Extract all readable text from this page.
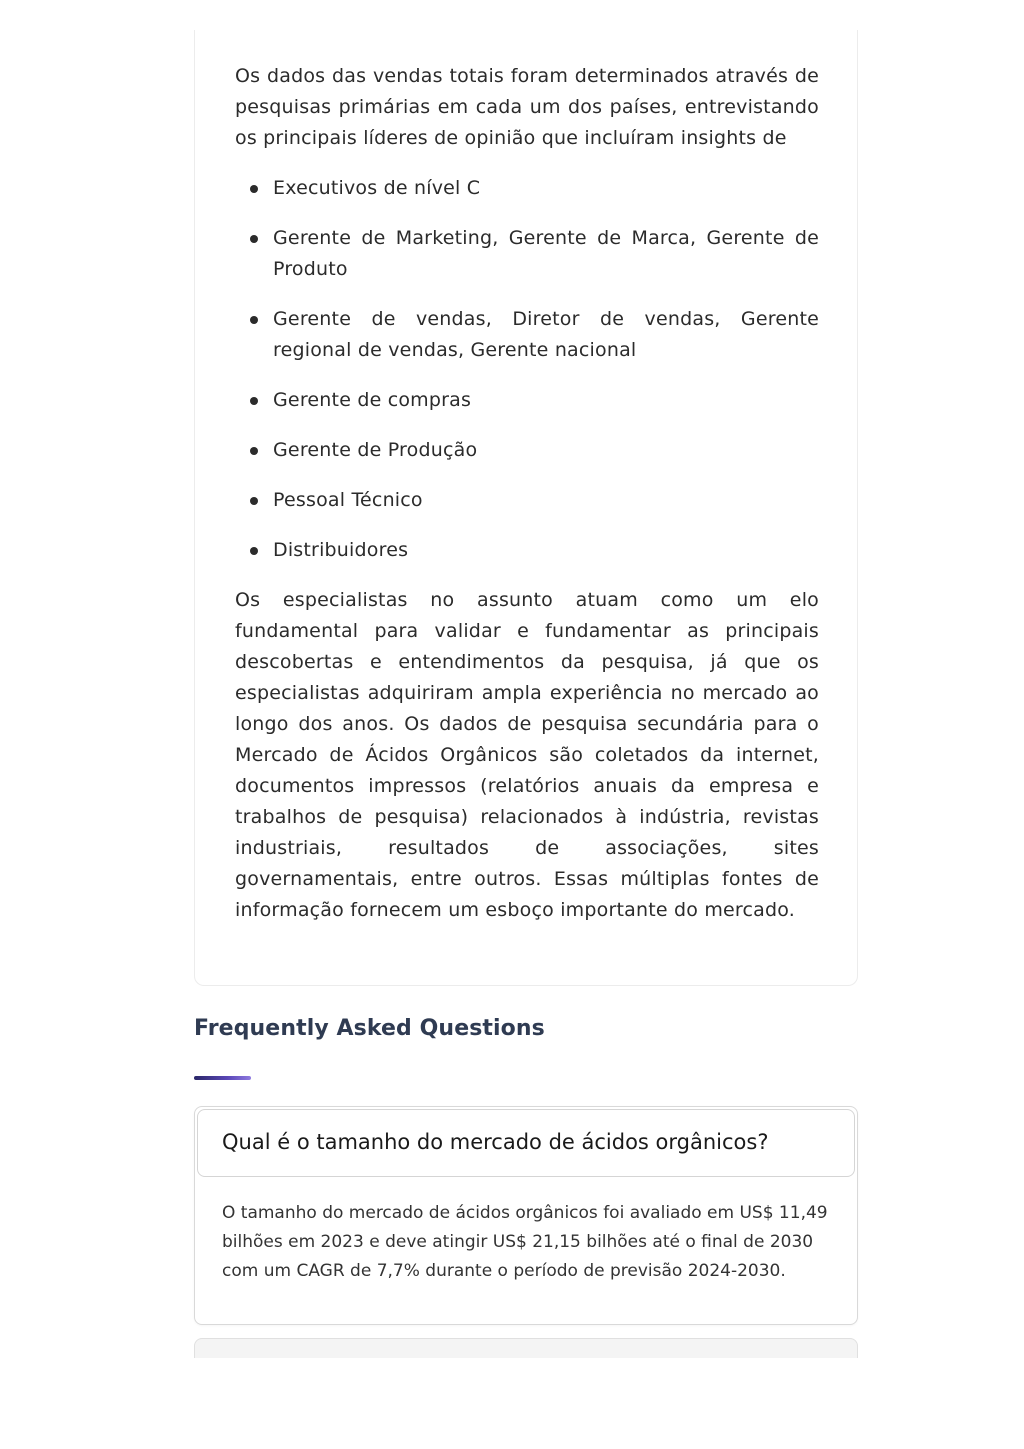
Os dados das vendas totais foram determinados através de pesquisas primárias em cada um dos países, entrevistando os principais líderes de opinião que incluíram insights de

Executivos de nível C
Gerente de Marketing, Gerente de Marca, Gerente de Produto
Gerente de vendas, Diretor de vendas, Gerente regional de vendas, Gerente nacional
Gerente de compras
Gerente de Produção
Pessoal Técnico
Distribuidores

Os especialistas no assunto atuam como um elo fundamental para validar e fundamentar as principais descobertas e entendimentos da pesquisa, já que os especialistas adquiriram ampla experiência no mercado ao longo dos anos. Os dados de pesquisa secundária para o Mercado de Ácidos Orgânicos são coletados da internet, documentos impressos (relatórios anuais da empresa e trabalhos de pesquisa) relacionados à indústria, revistas industriais, resultados de associações, sites governamentais, entre outros. Essas múltiplas fontes de informação fornecem um esboço importante do mercado.

Frequently Asked Questions
Qual é o tamanho do mercado de ácidos orgânicos?

O tamanho do mercado de ácidos orgânicos foi avaliado em US$ 11,49 bilhões em 2023 e deve atingir US$ 21,15 bilhões até o final de 2030 com um CAGR de 7,7% durante o período de previsão 2024-2030.
